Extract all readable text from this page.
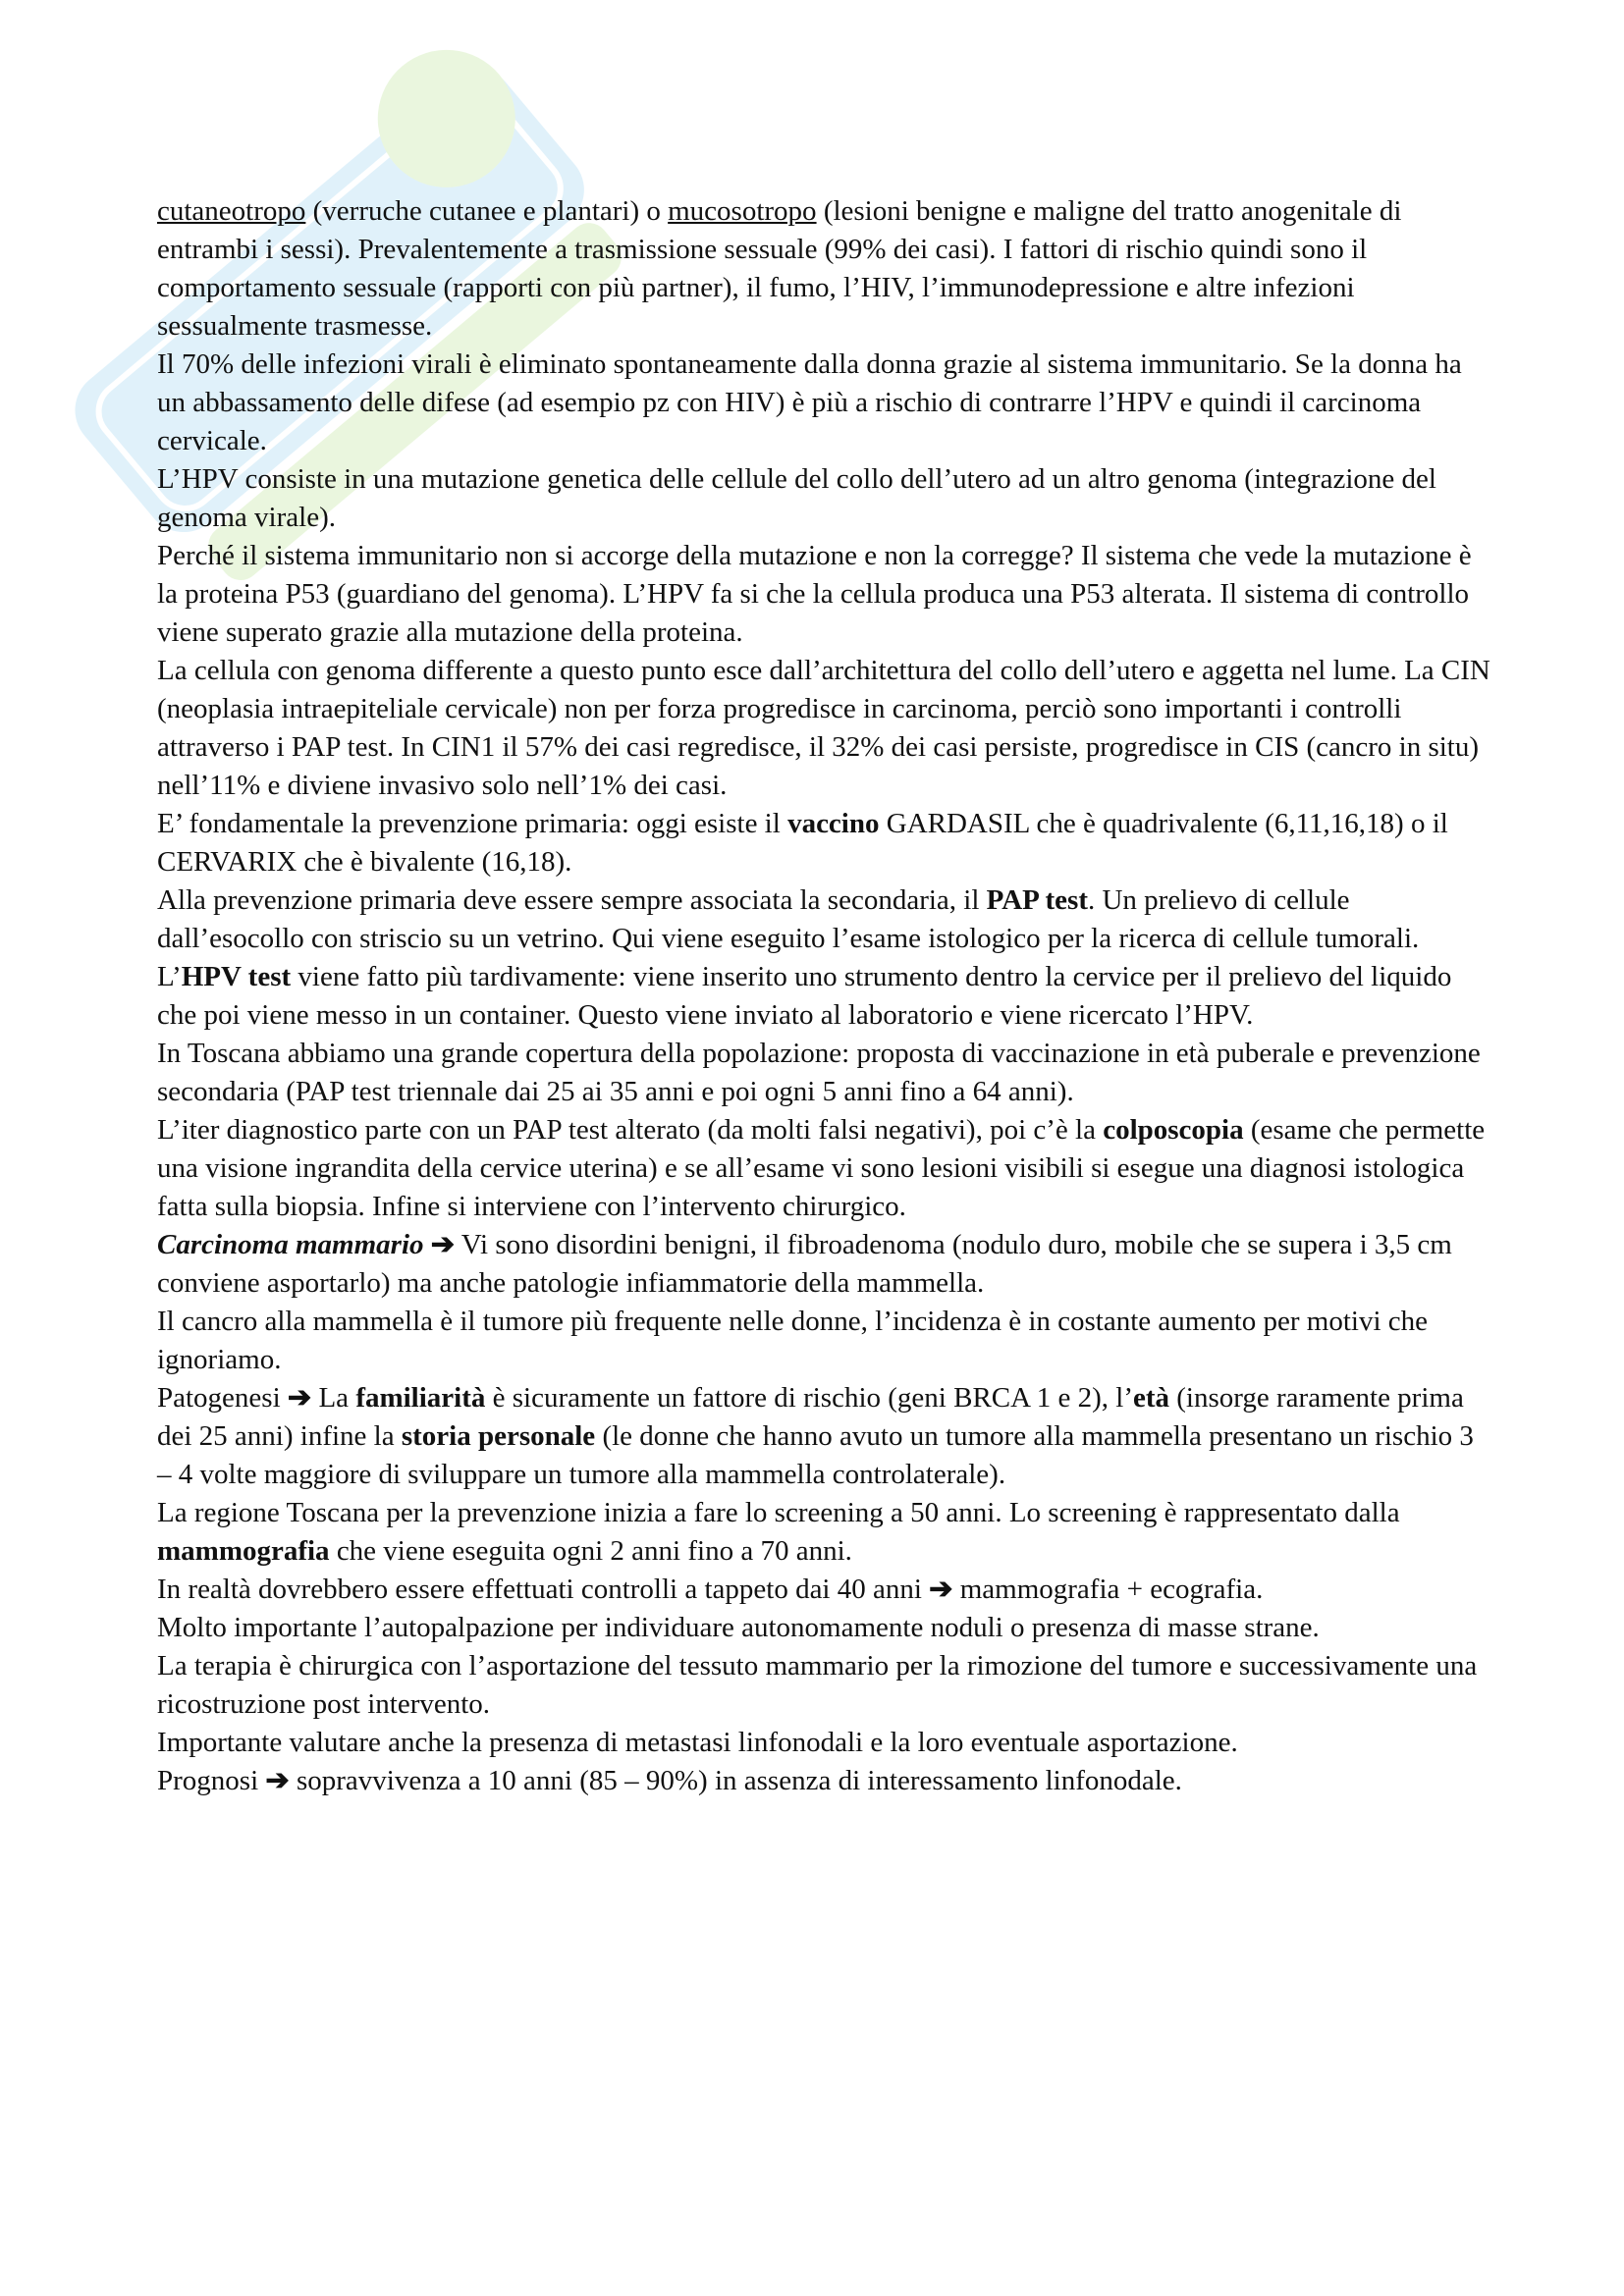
cutaneotropo (verruche cutanee e plantari) o mucosotropo (lesioni benigne e maligne del tratto anogenitale di entrambi i sessi). Prevalentemente a trasmissione sessuale (99% dei casi). I fattori di rischio quindi sono il comportamento sessuale (rapporti con più partner), il fumo, l’HIV, l’immunodepressione e altre infezioni sessualmente trasmesse.

Il 70% delle infezioni virali è eliminato spontaneamente dalla donna grazie al sistema immunitario. Se la donna ha un abbassamento delle difese (ad esempio pz con HIV) è più a rischio di contrarre l’HPV e quindi il carcinoma cervicale.

L’HPV consiste in una mutazione genetica delle cellule del collo dell’utero ad un altro genoma (integrazione del genoma virale).

Perché il sistema immunitario non si accorge della mutazione e non la corregge? Il sistema che vede la mutazione è la proteina P53 (guardiano del genoma). L’HPV fa si che la cellula produca una P53 alterata. Il sistema di controllo viene superato grazie alla mutazione della proteina.

La cellula con genoma differente a questo punto esce dall’architettura del collo dell’utero e aggetta nel lume. La CIN (neoplasia intraepiteliale cervicale) non per forza progredisce in carcinoma, perciò sono importanti i controlli attraverso i PAP test. In CIN1 il 57% dei casi regredisce, il 32% dei casi persiste, progredisce in CIS (cancro in situ) nell’11% e diviene invasivo solo nell’1% dei casi.

E’ fondamentale la prevenzione primaria: oggi esiste il vaccino GARDASIL che è quadrivalente (6,11,16,18) o il CERVARIX che è bivalente (16,18).

Alla prevenzione primaria deve essere sempre associata la secondaria, il PAP test. Un prelievo di cellule dall’esocollo con striscio su un vetrino. Qui viene eseguito l’esame istologico per la ricerca di cellule tumorali.

L’HPV test viene fatto più tardivamente: viene inserito uno strumento dentro la cervice per il prelievo del liquido che poi viene messo in un container. Questo viene inviato al laboratorio e viene ricercato l’HPV.

In Toscana abbiamo una grande copertura della popolazione: proposta di vaccinazione in età puberale e prevenzione secondaria (PAP test triennale dai 25 ai 35 anni e poi ogni 5 anni fino a 64 anni).

L’iter diagnostico parte con un PAP test alterato (da molti falsi negativi), poi c’è la colposcopia (esame che permette una visione ingrandita della cervice uterina) e se all’esame vi sono lesioni visibili si esegue una diagnosi istologica fatta sulla biopsia. Infine si interviene con l’intervento chirurgico.

Carcinoma mammario ➔ Vi sono disordini benigni, il fibroadenoma (nodulo duro, mobile che se supera i 3,5 cm conviene asportarlo) ma anche patologie infiammatorie della mammella.

Il cancro alla mammella è il tumore più frequente nelle donne, l’incidenza è in costante aumento per motivi che ignoriamo.

Patogenesi ➔ La familiarità è sicuramente un fattore di rischio (geni BRCA 1 e 2), l’età (insorge raramente prima dei 25 anni) infine la storia personale (le donne che hanno avuto un tumore alla mammella presentano un rischio 3 – 4 volte maggiore di sviluppare un tumore alla mammella controlaterale).

La regione Toscana per la prevenzione inizia a fare lo screening a 50 anni. Lo screening è rappresentato dalla mammografia che viene eseguita ogni 2 anni fino a 70 anni.

In realtà dovrebbero essere effettuati controlli a tappeto dai 40 anni ➔ mammografia + ecografia.

Molto importante l’autopalpazione per individuare autonomamente noduli o presenza di masse strane.

La terapia è chirurgica con l’asportazione del tessuto mammario per la rimozione del tumore e successivamente una ricostruzione post intervento.

Importante valutare anche la presenza di metastasi linfonodali e la loro eventuale asportazione.

Prognosi ➔ sopravvivenza a 10 anni (85 – 90%) in assenza di interessamento linfonodale.
